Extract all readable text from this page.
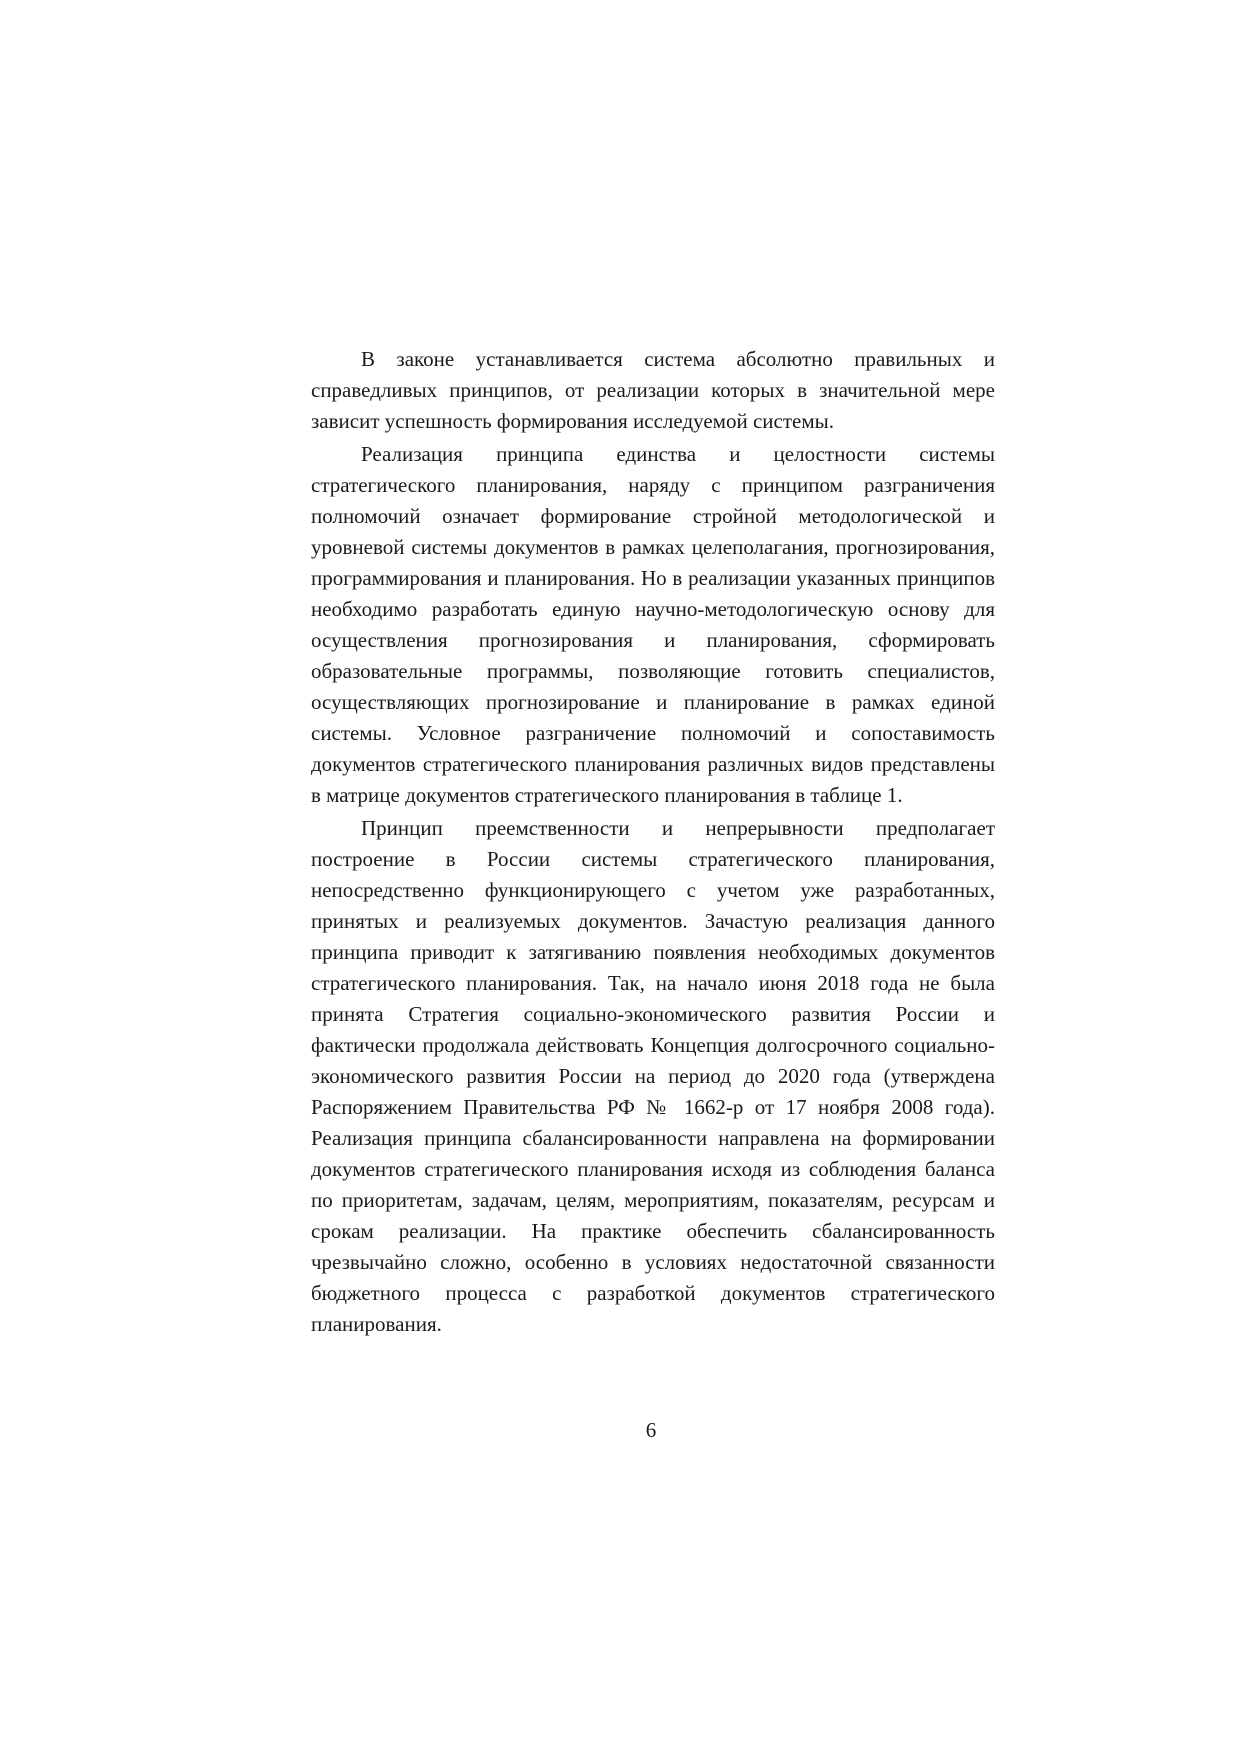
В законе устанавливается система абсолютно правильных и справедливых принципов, от реализации которых в значительной мере зависит успешность формирования исследуемой системы.

Реализация принципа единства и целостности системы стратегического планирования, наряду с принципом разграничения полномочий означает формирование стройной методологической и уровневой системы документов в рамках целеполагания, прогнозирования, программирования и планирования. Но в реализации указанных принципов необходимо разработать единую научно-методологическую основу для осуществления прогнозирования и планирования, сформировать образовательные программы, позволяющие готовить специалистов, осуществляющих прогнозирование и планирование в рамках единой системы. Условное разграничение полномочий и сопоставимость документов стратегического планирования различных видов представлены в матрице документов стратегического планирования в таблице 1.

Принцип преемственности и непрерывности предполагает построение в России системы стратегического планирования, непосредственно функционирующего с учетом уже разработанных, принятых и реализуемых документов. Зачастую реализация данного принципа приводит к затягиванию появления необходимых документов стратегического планирования. Так, на начало июня 2018 года не была принята Стратегия социально-экономического развития России и фактически продолжала действовать Концепция долгосрочного социально-экономического развития России на период до 2020 года (утверждена Распоряжением Правительства РФ № 1662-р от 17 ноября 2008 года). Реализация принципа сбалансированности направлена на формировании документов стратегического планирования исходя из соблюдения баланса по приоритетам, задачам, целям, мероприятиям, показателям, ресурсам и срокам реализации. На практике обеспечить сбалансированность чрезвычайно сложно, особенно в условиях недостаточной связанности бюджетного процесса с разработкой документов стратегического планирования.

6
